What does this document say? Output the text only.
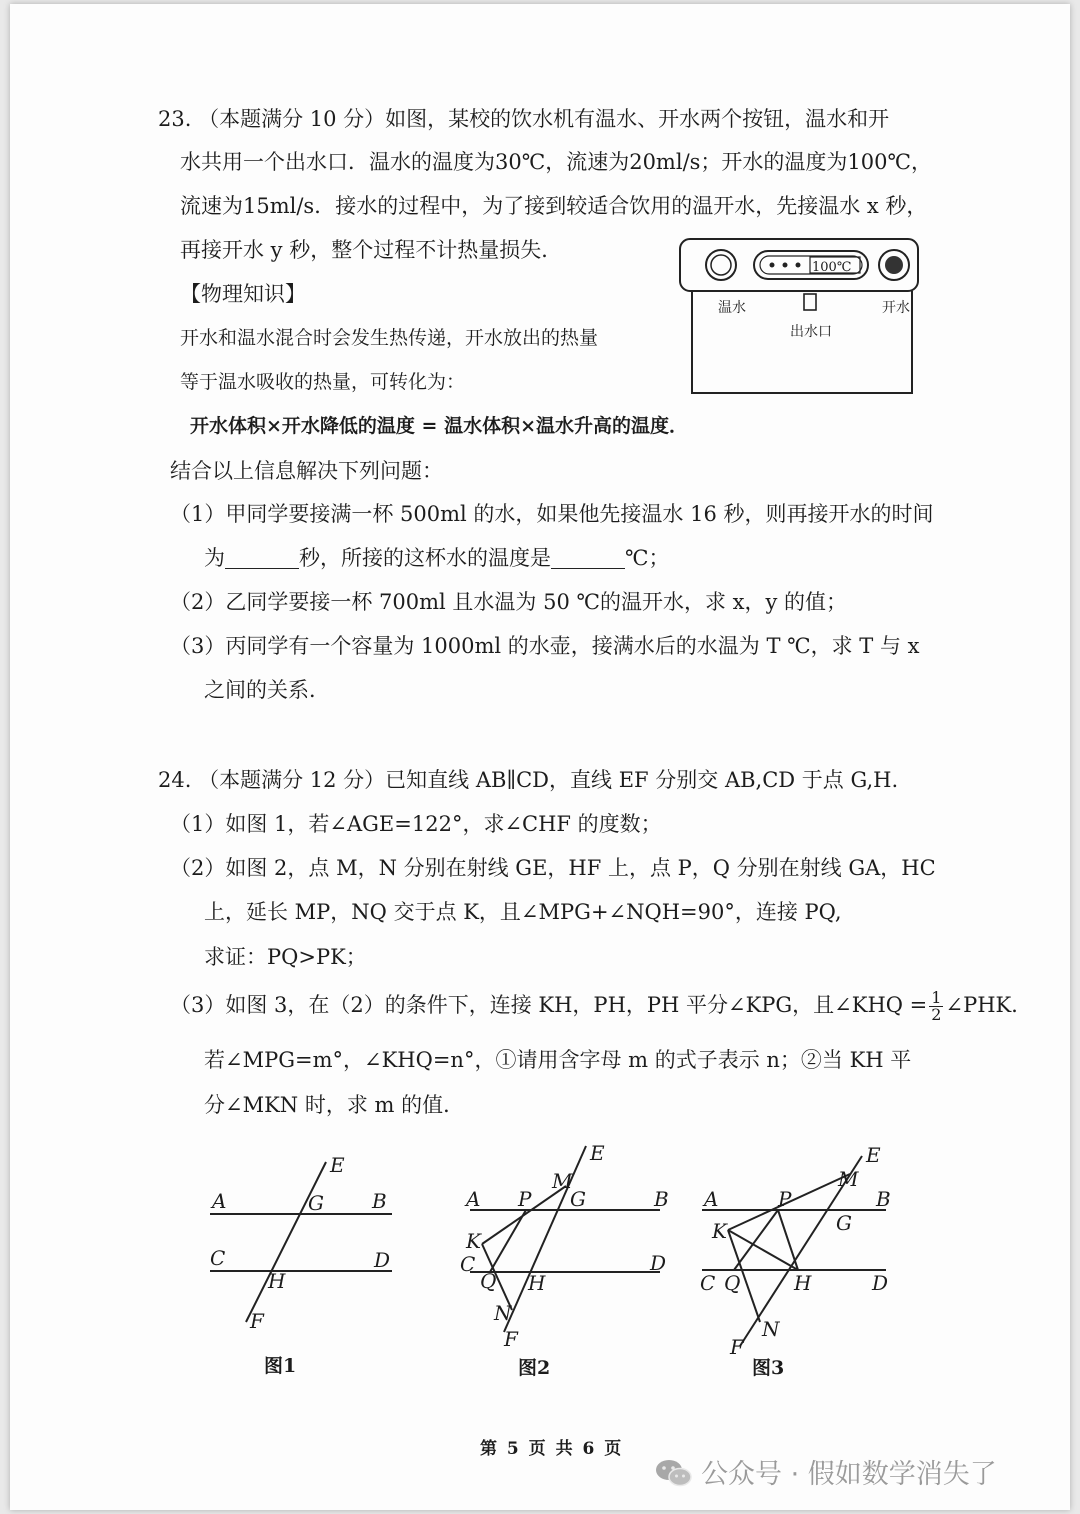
23. （本题满分 10 分）如图，某校的饮水机有温水、开水两个按钮，温水和开
水共用一个出水口．温水的温度为30℃，流速为20ml/s；开水的温度为100℃，
流速为15ml/s．接水的过程中，为了接到较适合饮用的温开水，先接温水 x 秒，
再接开水 y 秒，整个过程不计热量损失．
【物理知识】
开水和温水混合时会发生热传递，开水放出的热量
等于温水吸收的热量，可转化为：
开水体积×开水降低的温度 = 温水体积×温水升高的温度．
100℃
温水	开水
出水口
结合以上信息解决下列问题：
（1）甲同学要接满一杯 500ml 的水，如果他先接温水 16 秒，则再接开水的时间
为	秒，所接的这杯水的温度是	℃；
（2）乙同学要接一杯 700ml 且水温为 50 ℃的温开水，求 x，y 的值；
（3）丙同学有一个容量为 1000ml 的水壶，接满水后的水温为 T ℃，求 T 与 x
之间的关系．
24. （本题满分 12 分）已知直线 AB∥CD，直线 EF 分别交 AB,CD 于点 G,H.
（1）如图 1，若∠AGE=122°，求∠CHF 的度数；
（2）如图 2，点 M，N 分别在射线 GE，HF 上，点 P，Q 分别在射线 GA，HC
上，延长 MP，NQ 交于点 K，且∠MPG+∠NQH=90°，连接 PQ,
求证：PQ>PK；
（3）如图 3，在（2）的条件下，连接 KH，PH，PH 平分∠KPG，且∠KHQ = $\frac{1}{2}$ ∠PHK．
若∠MPG=m°，∠KHQ=n°，①请用含字母 m 的式子表示 n；②当 KH 平
分∠MKN 时，求 m 的值．
A	B
C	D
E
F
G
H
图1
A	B
C	D
E
F
G
H
M
N
P
Q
K
图2
A	B
C	D
E
F
G
H
M
N
P
Q
K
图3
第 5 页 共 6 页
公众号 · 假如数学消失了
